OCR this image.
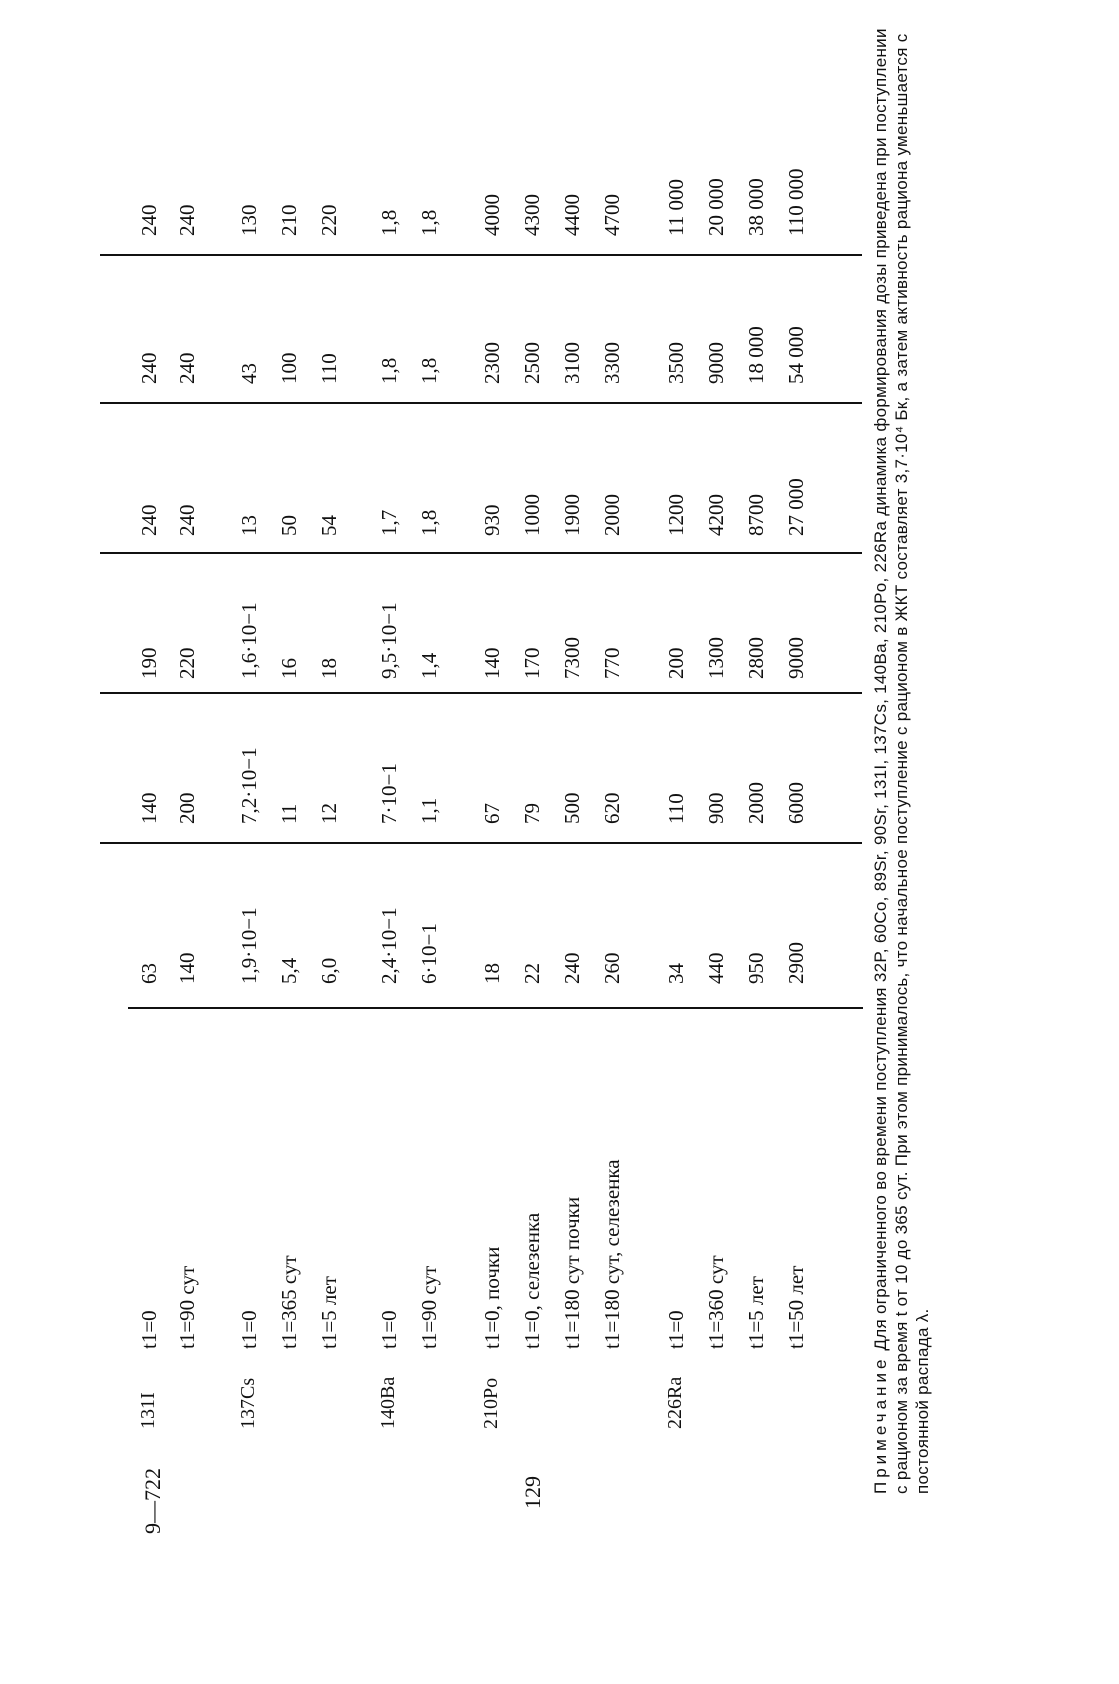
131I
t1=0
63
140
190
240
240
240
t1=90 сут
140
200
220
240
240
240
137Cs
t1=0
1,9·10−1
7,2·10−1
1,6·10−1
13
43
130
t1=365 сут
5,4
11
16
50
100
210
t1=5 лет
6,0
12
18
54
110
220
140Ba
t1=0
2,4·10−1
7·10−1
9,5·10−1
1,7
1,8
1,8
t1=90 сут
6·10−1
1,1
1,4
1,8
1,8
1,8
210Po
t1=0, почки
18
67
140
930
2300
4000
t1=0, селезенка
22
79
170
1000
2500
4300
t1=180 сут почки
240
500
7300
1900
3100
4400
t1=180 сут, селезенка
260
620
770
2000
3300
4700
226Ra
t1=0
34
110
200
1200
3500
11 000
t1=360 сут
440
900
1300
4200
9000
20 000
t1=5 лет
950
2000
2800
8700
18 000
38 000
t1=50 лет
2900
6000
9000
27 000
54 000
110 000
9—722	129	Примечание Для ограниченного во времени поступления 32P, 60Co, 89Sr, 90Sr, 131I, 137Cs, 140Ba, 210Po, 226Ra динамика формирования дозы приведена при поступлении с рационом за время t от 10 до 365 сут. При этом принималось, что начальное поступление с рационом в ЖКТ составляет 3,7·10⁴ Бк, а затем активность рациона уменьшается с постоянной распада λ.
